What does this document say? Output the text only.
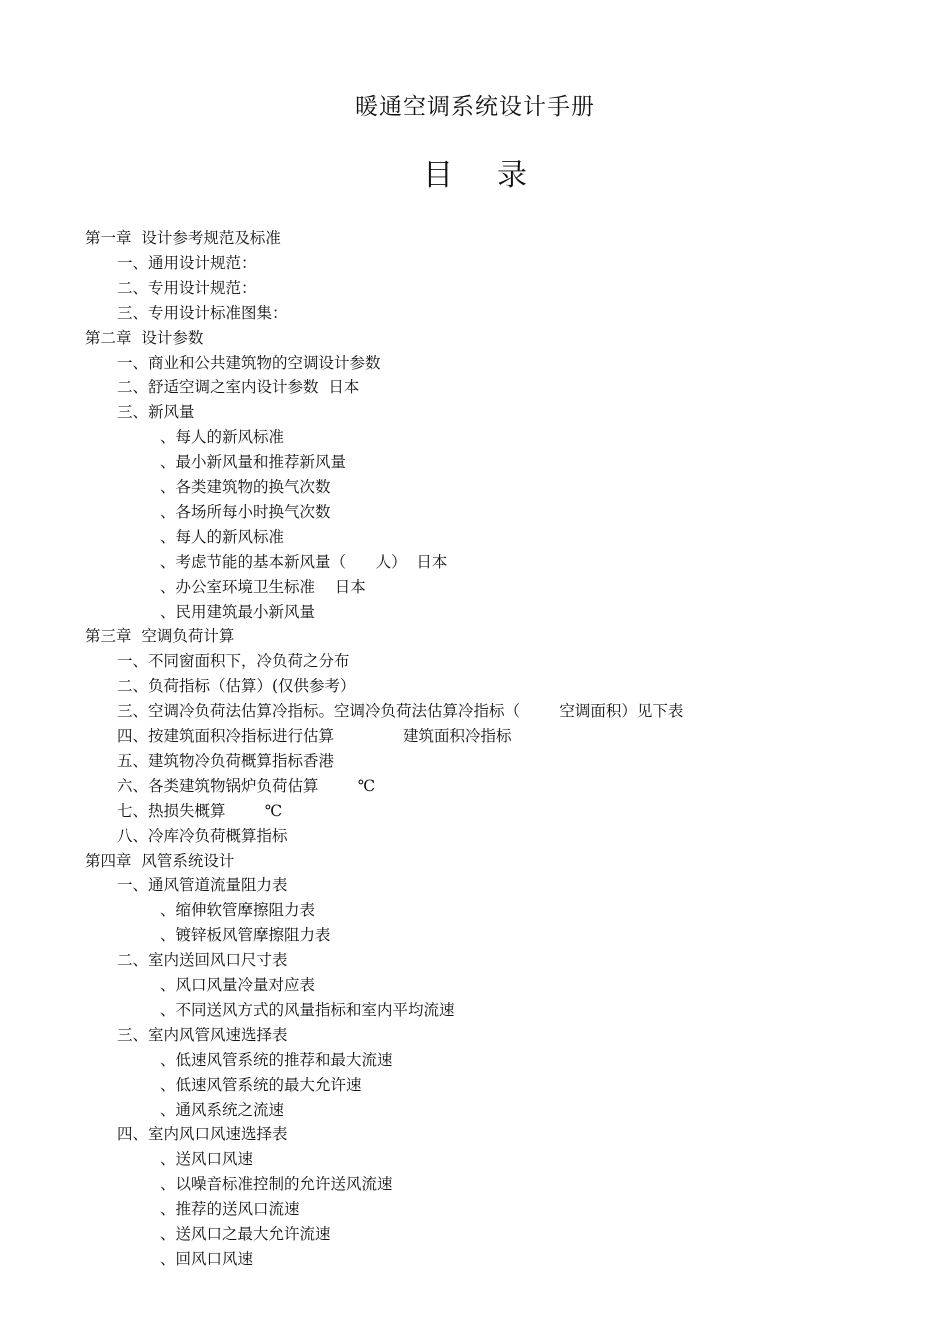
暖通空调系统设计手册
目 录
第一章  设计参考规范及标准
一、通用设计规范：
二、专用设计规范：
三、专用设计标准图集：
第二章  设计参数
一、商业和公共建筑物的空调设计参数
二、舒适空调之室内设计参数  日本
三、新风量
、每人的新风标准
、最小新风量和推荐新风量
、各类建筑物的换气次数
、各场所每小时换气次数
、每人的新风标准
、考虑节能的基本新风量（      人）  日本
、办公室环境卫生标准    日本
、民用建筑最小新风量
第三章  空调负荷计算
一、不同窗面积下，冷负荷之分布
二、负荷指标（估算）(仅供参考）
三、空调冷负荷法估算冷指标。空调冷负荷法估算冷指标（        空调面积）见下表
四、按建筑面积冷指标进行估算              建筑面积冷指标
五、建筑物冷负荷概算指标香港
六、各类建筑物锅炉负荷估算        ℃
七、热损失概算        ℃
八、冷库冷负荷概算指标
第四章  风管系统设计
一、通风管道流量阻力表
、缩伸软管摩擦阻力表
、镀锌板风管摩擦阻力表
二、室内送回风口尺寸表
、风口风量冷量对应表
、不同送风方式的风量指标和室内平均流速
三、室内风管风速选择表
、低速风管系统的推荐和最大流速
、低速风管系统的最大允许速
、通风系统之流速
四、室内风口风速选择表
、送风口风速
、以噪音标准控制的允许送风流速
、推荐的送风口流速
、送风口之最大允许流速
、回风口风速
